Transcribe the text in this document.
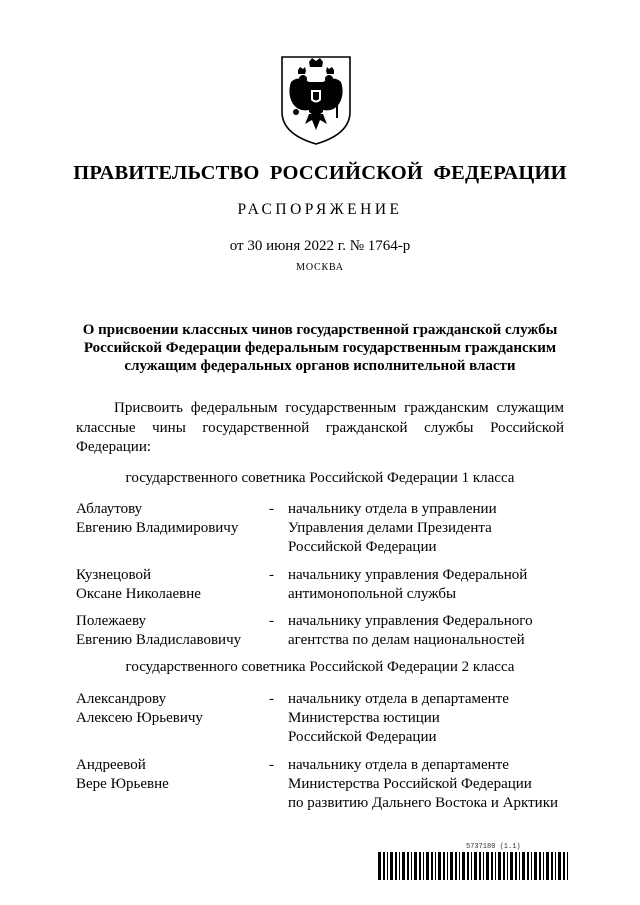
ПРАВИТЕЛЬСТВО РОССИЙСКОЙ ФЕДЕРАЦИИ
РАСПОРЯЖЕНИЕ
от 30 июня 2022 г. № 1764-р
МОСКВА
О присвоении классных чинов государственной гражданской службы
Российской Федерации федеральным государственным гражданским
служащим федеральных органов исполнительной власти
Присвоить федеральным государственным гражданским служащим классные чины государственной гражданской службы Российской Федерации:
государственного советника Российской Федерации 1 класса
Аблаутову
Евгению Владимировичу
- начальнику отдела в управлении
Управления делами Президента
Российской Федерации
Кузнецовой
Оксане Николаевне
- начальнику управления Федеральной
антимонопольной службы
Полежаеву
Евгению Владиславовичу
- начальнику управления Федерального
агентства по делам национальностей
государственного советника Российской Федерации 2 класса
Александрову
Алексею Юрьевичу
- начальнику отдела в департаменте
Министерства юстиции
Российской Федерации
Андреевой
Вере Юрьевне
- начальнику отдела в департаменте
Министерства Российской Федерации
по развитию Дальнего Востока и Арктики
5737180 (1.1)
